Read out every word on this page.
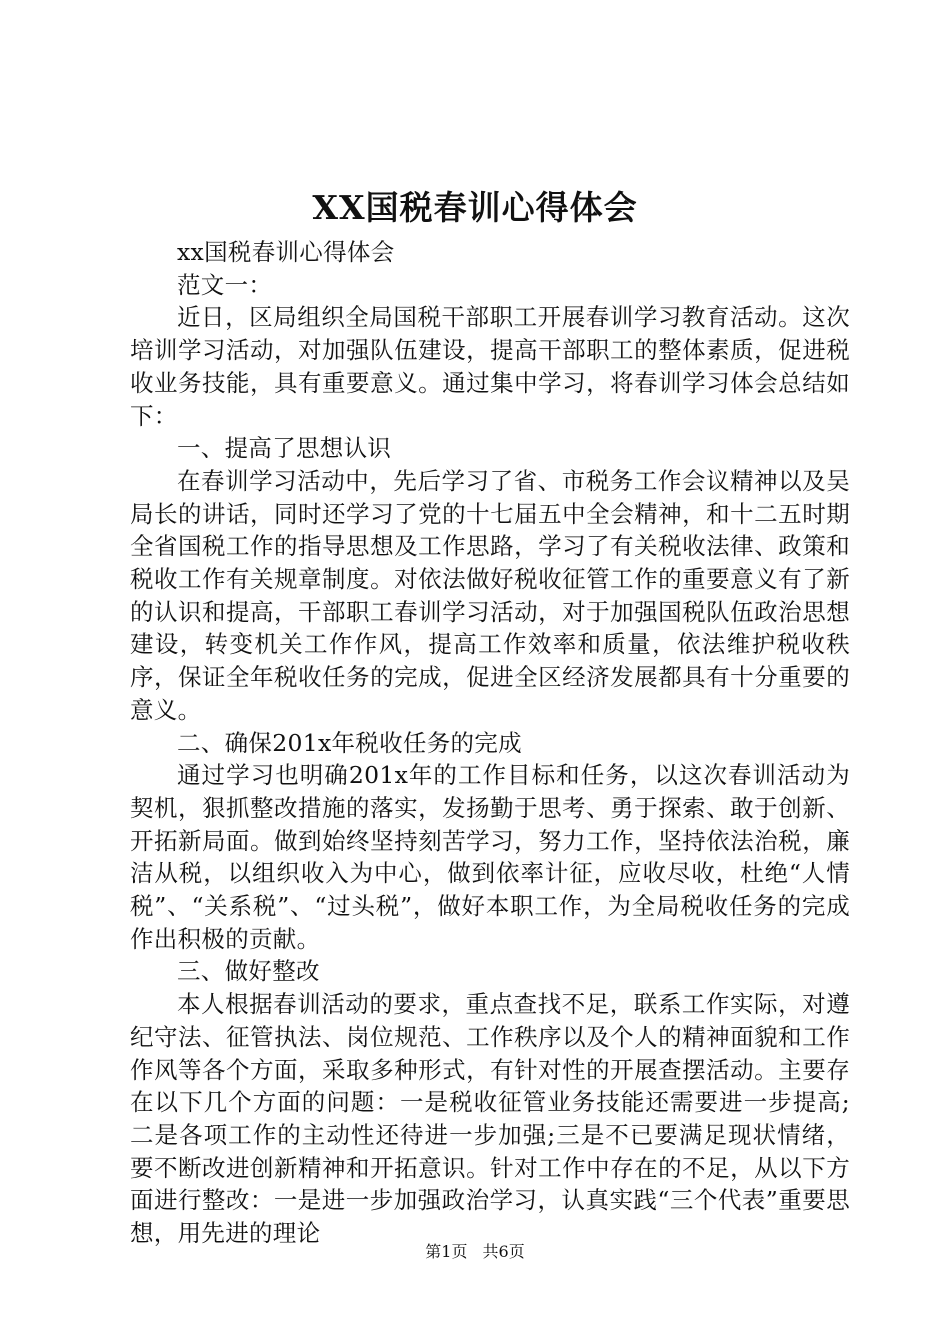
XX国税春训心得体会

xx国税春训心得体会

范文一：

近日，区局组织全局国税干部职工开展春训学习教育活动。这次培训学习活动，对加强队伍建设，提高干部职工的整体素质，促进税收业务技能，具有重要意义。通过集中学习，将春训学习体会总结如下：

一、提高了思想认识

在春训学习活动中，先后学习了省、市税务工作会议精神以及吴局长的讲话，同时还学习了党的十七届五中全会精神，和十二五时期全省国税工作的指导思想及工作思路，学习了有关税收法律、政策和税收工作有关规章制度。对依法做好税收征管工作的重要意义有了新的认识和提高，干部职工春训学习活动，对于加强国税队伍政治思想建设，转变机关工作作风，提高工作效率和质量，依法维护税收秩序，保证全年税收任务的完成，促进全区经济发展都具有十分重要的意义。

二、确保201x年税收任务的完成

通过学习也明确201x年的工作目标和任务，以这次春训活动为契机，狠抓整改措施的落实，发扬勤于思考、勇于探索、敢于创新、开拓新局面。做到始终坚持刻苦学习，努力工作，坚持依法治税，廉洁从税，以组织收入为中心，做到依率计征，应收尽收，杜绝“人情税”、“关系税”、“过头税”，做好本职工作，为全局税收任务的完成作出积极的贡献。

三、做好整改

本人根据春训活动的要求，重点查找不足，联系工作实际，对遵纪守法、征管执法、岗位规范、工作秩序以及个人的精神面貌和工作作风等各个方面，采取多种形式，有针对性的开展查摆活动。主要存在以下几个方面的问题：一是税收征管业务技能还需要进一步提高;二是各项工作的主动性还待进一步加强;三是不已要满足现状情绪，要不断改进创新精神和开拓意识。针对工作中存在的不足，从以下方面进行整改：一是进一步加强政治学习，认真实践“三个代表”重要思想，用先进的理论

第1页 共6页
